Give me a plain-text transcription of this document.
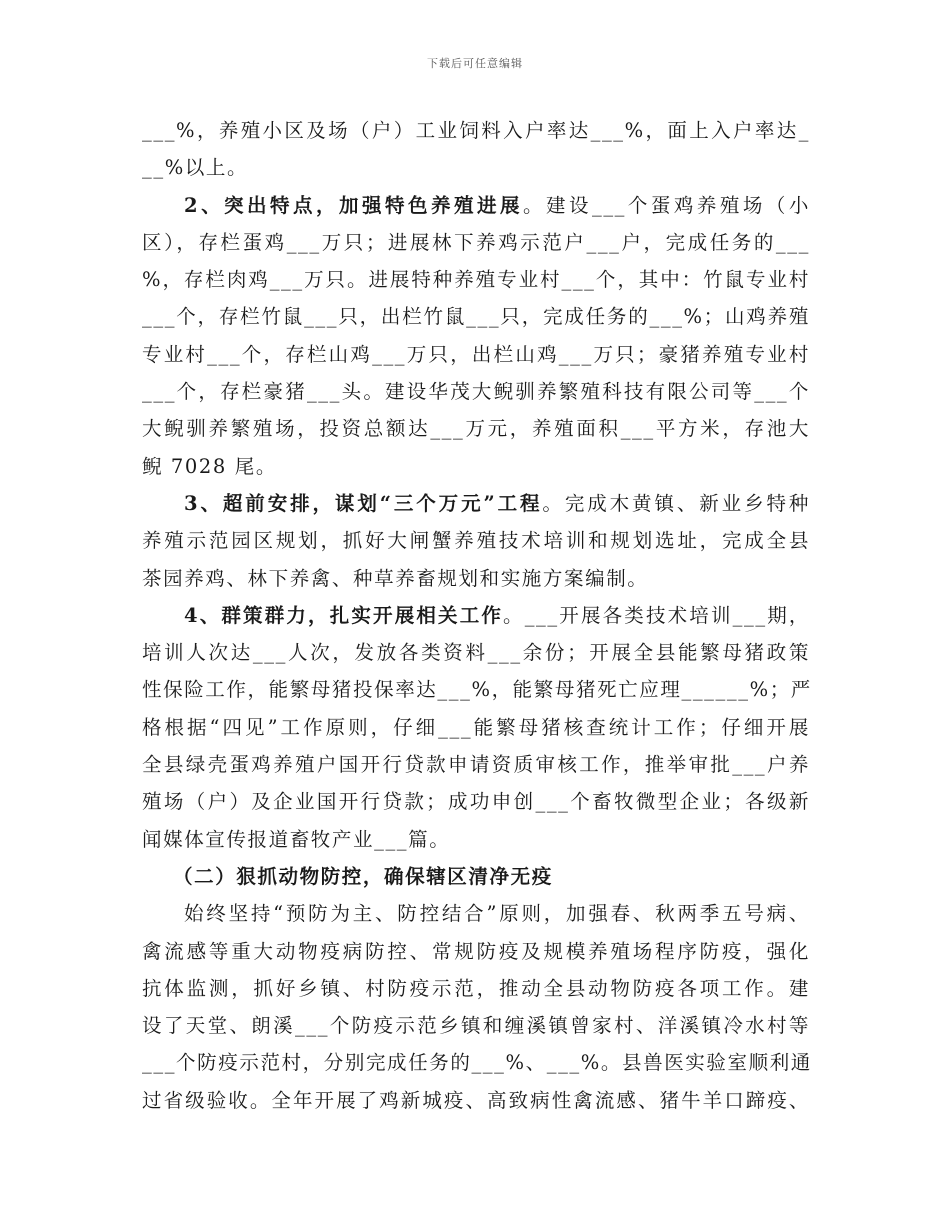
下载后可任意编辑
___%，养殖小区及场（户）工业饲料入户率达___%，面上入户率达_
__%以上。
2、突出特点，加强特色养殖进展。建设___个蛋鸡养殖场（小
区），存栏蛋鸡___万只；进展林下养鸡示范户___户，完成任务的___
%，存栏肉鸡___万只。进展特种养殖专业村___个，其中：竹鼠专业村
___个，存栏竹鼠___只，出栏竹鼠___只，完成任务的___%；山鸡养殖
专业村___个，存栏山鸡___万只，出栏山鸡___万只；豪猪养殖专业村
___个，存栏豪猪___头。建设华茂大鲵驯养繁殖科技有限公司等___个
大鲵驯养繁殖场，投资总额达___万元，养殖面积___平方米，存池大
鲵 7028 尾。
3、超前安排，谋划“三个万元”工程。完成木黄镇、新业乡特种
养殖示范园区规划，抓好大闸蟹养殖技术培训和规划选址，完成全县
茶园养鸡、林下养禽、种草养畜规划和实施方案编制。
4、群策群力，扎实开展相关工作。___开展各类技术培训___期，
培训人次达___人次，发放各类资料___余份；开展全县能繁母猪政策
性保险工作，能繁母猪投保率达___%，能繁母猪死亡应理______%；严
格根据“四见”工作原则，仔细___能繁母猪核查统计工作；仔细开展
全县绿壳蛋鸡养殖户国开行贷款申请资质审核工作，推举审批___户养
殖场（户）及企业国开行贷款；成功申创___个畜牧微型企业；各级新
闻媒体宣传报道畜牧产业___篇。
（二）狠抓动物防控，确保辖区清净无疫
始终坚持“预防为主、防控结合”原则，加强春、秋两季五号病、
禽流感等重大动物疫病防控、常规防疫及规模养殖场程序防疫，强化
抗体监测，抓好乡镇、村防疫示范，推动全县动物防疫各项工作。建
设了天堂、朗溪___个防疫示范乡镇和缠溪镇曾家村、洋溪镇冷水村等
___个防疫示范村，分别完成任务的___%、___%。县兽医实验室顺利通
过省级验收。全年开展了鸡新城疫、高致病性禽流感、猪牛羊口蹄疫、
